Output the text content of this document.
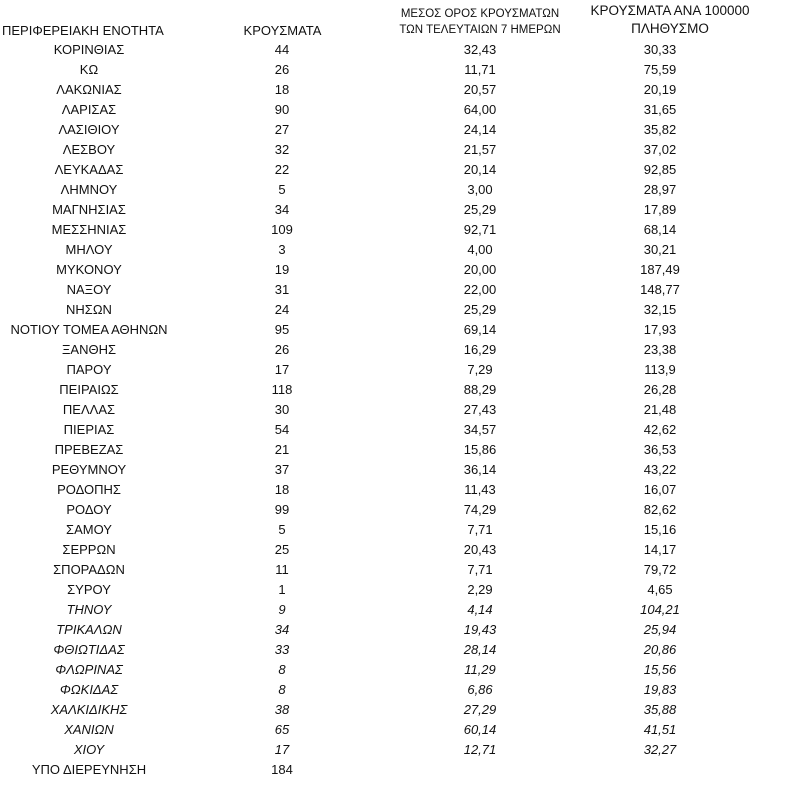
ΠΕΡΙΦΕΡΕΙΑΚΗ ΕΝΟΤΗΤΑ	ΚΡΟΥΣΜΑΤΑ
ΜΕΣΟΣ ΟΡΟΣ ΚΡΟΥΣΜΑΤΩΝ
ΤΩΝ ΤΕΛΕΥΤΑΙΩΝ 7 ΗΜΕΡΩΝ
ΚΡΟΥΣΜΑΤΑ ΑΝΑ 100000
ΠΛΗΘΥΣΜΟ
ΚΟΡΙΝΘΙΑΣ	44	32,43	30,33
ΚΩ	26	11,71	75,59
ΛΑΚΩΝΙΑΣ	18	20,57	20,19
ΛΑΡΙΣΑΣ	90	64,00	31,65
ΛΑΣΙΘΙΟΥ	27	24,14	35,82
ΛΕΣΒΟΥ	32	21,57	37,02
ΛΕΥΚΑΔΑΣ	22	20,14	92,85
ΛΗΜΝΟΥ	5	3,00	28,97
ΜΑΓΝΗΣΙΑΣ	34	25,29	17,89
ΜΕΣΣΗΝΙΑΣ	109	92,71	68,14
ΜΗΛΟΥ	3	4,00	30,21
ΜΥΚΟΝΟΥ	19	20,00	187,49
ΝΑΞΟΥ	31	22,00	148,77
ΝΗΣΩΝ	24	25,29	32,15
ΝΟΤΙΟΥ ΤΟΜΕΑ ΑΘΗΝΩΝ	95	69,14	17,93
ΞΑΝΘΗΣ	26	16,29	23,38
ΠΑΡΟΥ	17	7,29	113,9
ΠΕΙΡΑΙΩΣ	118	88,29	26,28
ΠΕΛΛΑΣ	30	27,43	21,48
ΠΙΕΡΙΑΣ	54	34,57	42,62
ΠΡΕΒΕΖΑΣ	21	15,86	36,53
ΡΕΘΥΜΝΟΥ	37	36,14	43,22
ΡΟΔΟΠΗΣ	18	11,43	16,07
ΡΟΔΟΥ	99	74,29	82,62
ΣΑΜΟΥ	5	7,71	15,16
ΣΕΡΡΩΝ	25	20,43	14,17
ΣΠΟΡΑΔΩΝ	11	7,71	79,72
ΣΥΡΟΥ	1	2,29	4,65
ΤΗΝΟΥ	9	4,14	104,21
ΤΡΙΚΑΛΩΝ	34	19,43	25,94
ΦΘΙΩΤΙΔΑΣ	33	28,14	20,86
ΦΛΩΡΙΝΑΣ	8	11,29	15,56
ΦΩΚΙΔΑΣ	8	6,86	19,83
ΧΑΛΚΙΔΙΚΗΣ	38	27,29	35,88
ΧΑΝΙΩΝ	65	60,14	41,51
ΧΙΟΥ	17	12,71	32,27
ΥΠΟ ΔΙΕΡΕΥΝΗΣΗ	184
